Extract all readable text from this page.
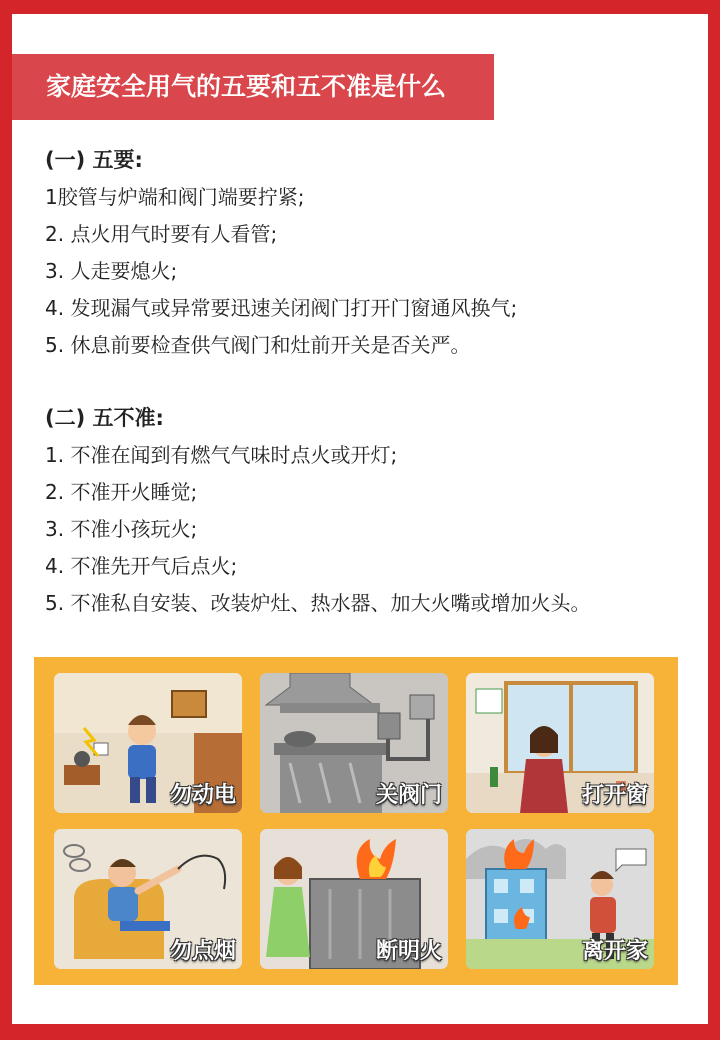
家庭安全用气的五要和五不准是什么
(一) 五要:
1胶管与炉端和阀门端要拧紧;
2. 点火用气时要有人看管;
3. 人走要熄火;
4. 发现漏气或异常要迅速关闭阀门打开门窗通风换气;
5. 休息前要检查供气阀门和灶前开关是否关严。
(二) 五不准:
1. 不准在闻到有燃气气味时点火或开灯;
2. 不准开火睡觉;
3. 不准小孩玩火;
4. 不准先开气后点火;
5. 不准私自安装、改装炉灶、热水器、加大火嘴或增加火头。
勿动电	关阀门	打开窗
勿点烟	断明火	离开家
